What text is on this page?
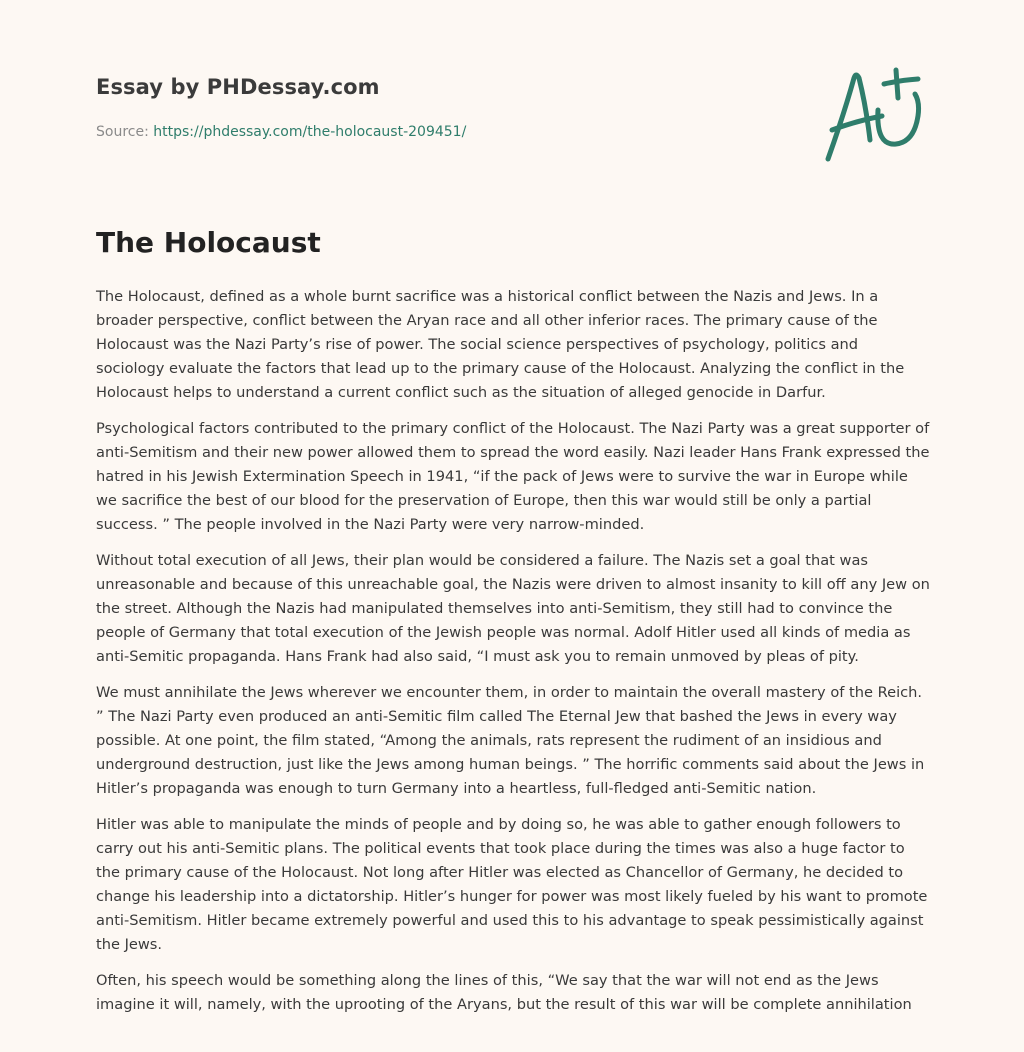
Essay by PHDessay.com

Source: https://phdessay.com/the-holocaust-209451/

The Holocaust

The Holocaust, defined as a whole burnt sacrifice was a historical conflict between the Nazis and Jews. In a broader perspective, conflict between the Aryan race and all other inferior races. The primary cause of the Holocaust was the Nazi Party’s rise of power. The social science perspectives of psychology, politics and sociology evaluate the factors that lead up to the primary cause of the Holocaust. Analyzing the conflict in the Holocaust helps to understand a current conflict such as the situation of alleged genocide in Darfur.

Psychological factors contributed to the primary conflict of the Holocaust. The Nazi Party was a great supporter of anti-Semitism and their new power allowed them to spread the word easily. Nazi leader Hans Frank expressed the hatred in his Jewish Extermination Speech in 1941, “if the pack of Jews were to survive the war in Europe while we sacrifice the best of our blood for the preservation of Europe, then this war would still be only a partial success. ” The people involved in the Nazi Party were very narrow-minded.

Without total execution of all Jews, their plan would be considered a failure. The Nazis set a goal that was unreasonable and because of this unreachable goal, the Nazis were driven to almost insanity to kill off any Jew on the street. Although the Nazis had manipulated themselves into anti-Semitism, they still had to convince the people of Germany that total execution of the Jewish people was normal. Adolf Hitler used all kinds of media as anti-Semitic propaganda. Hans Frank had also said, “I must ask you to remain unmoved by pleas of pity.

We must annihilate the Jews wherever we encounter them, in order to maintain the overall mastery of the Reich. ” The Nazi Party even produced an anti-Semitic film called The Eternal Jew that bashed the Jews in every way possible. At one point, the film stated, “Among the animals, rats represent the rudiment of an insidious and underground destruction, just like the Jews among human beings. ” The horrific comments said about the Jews in Hitler’s propaganda was enough to turn Germany into a heartless, full-fledged anti-Semitic nation.

Hitler was able to manipulate the minds of people and by doing so, he was able to gather enough followers to carry out his anti-Semitic plans. The political events that took place during the times was also a huge factor to the primary cause of the Holocaust. Not long after Hitler was elected as Chancellor of Germany, he decided to change his leadership into a dictatorship. Hitler’s hunger for power was most likely fueled by his want to promote anti-Semitism. Hitler became extremely powerful and used this to his advantage to speak pessimistically against the Jews.

Often, his speech would be something along the lines of this, “We say that the war will not end as the Jews imagine it will, namely, with the uprooting of the Aryans, but the result of this war will be complete annihilation
